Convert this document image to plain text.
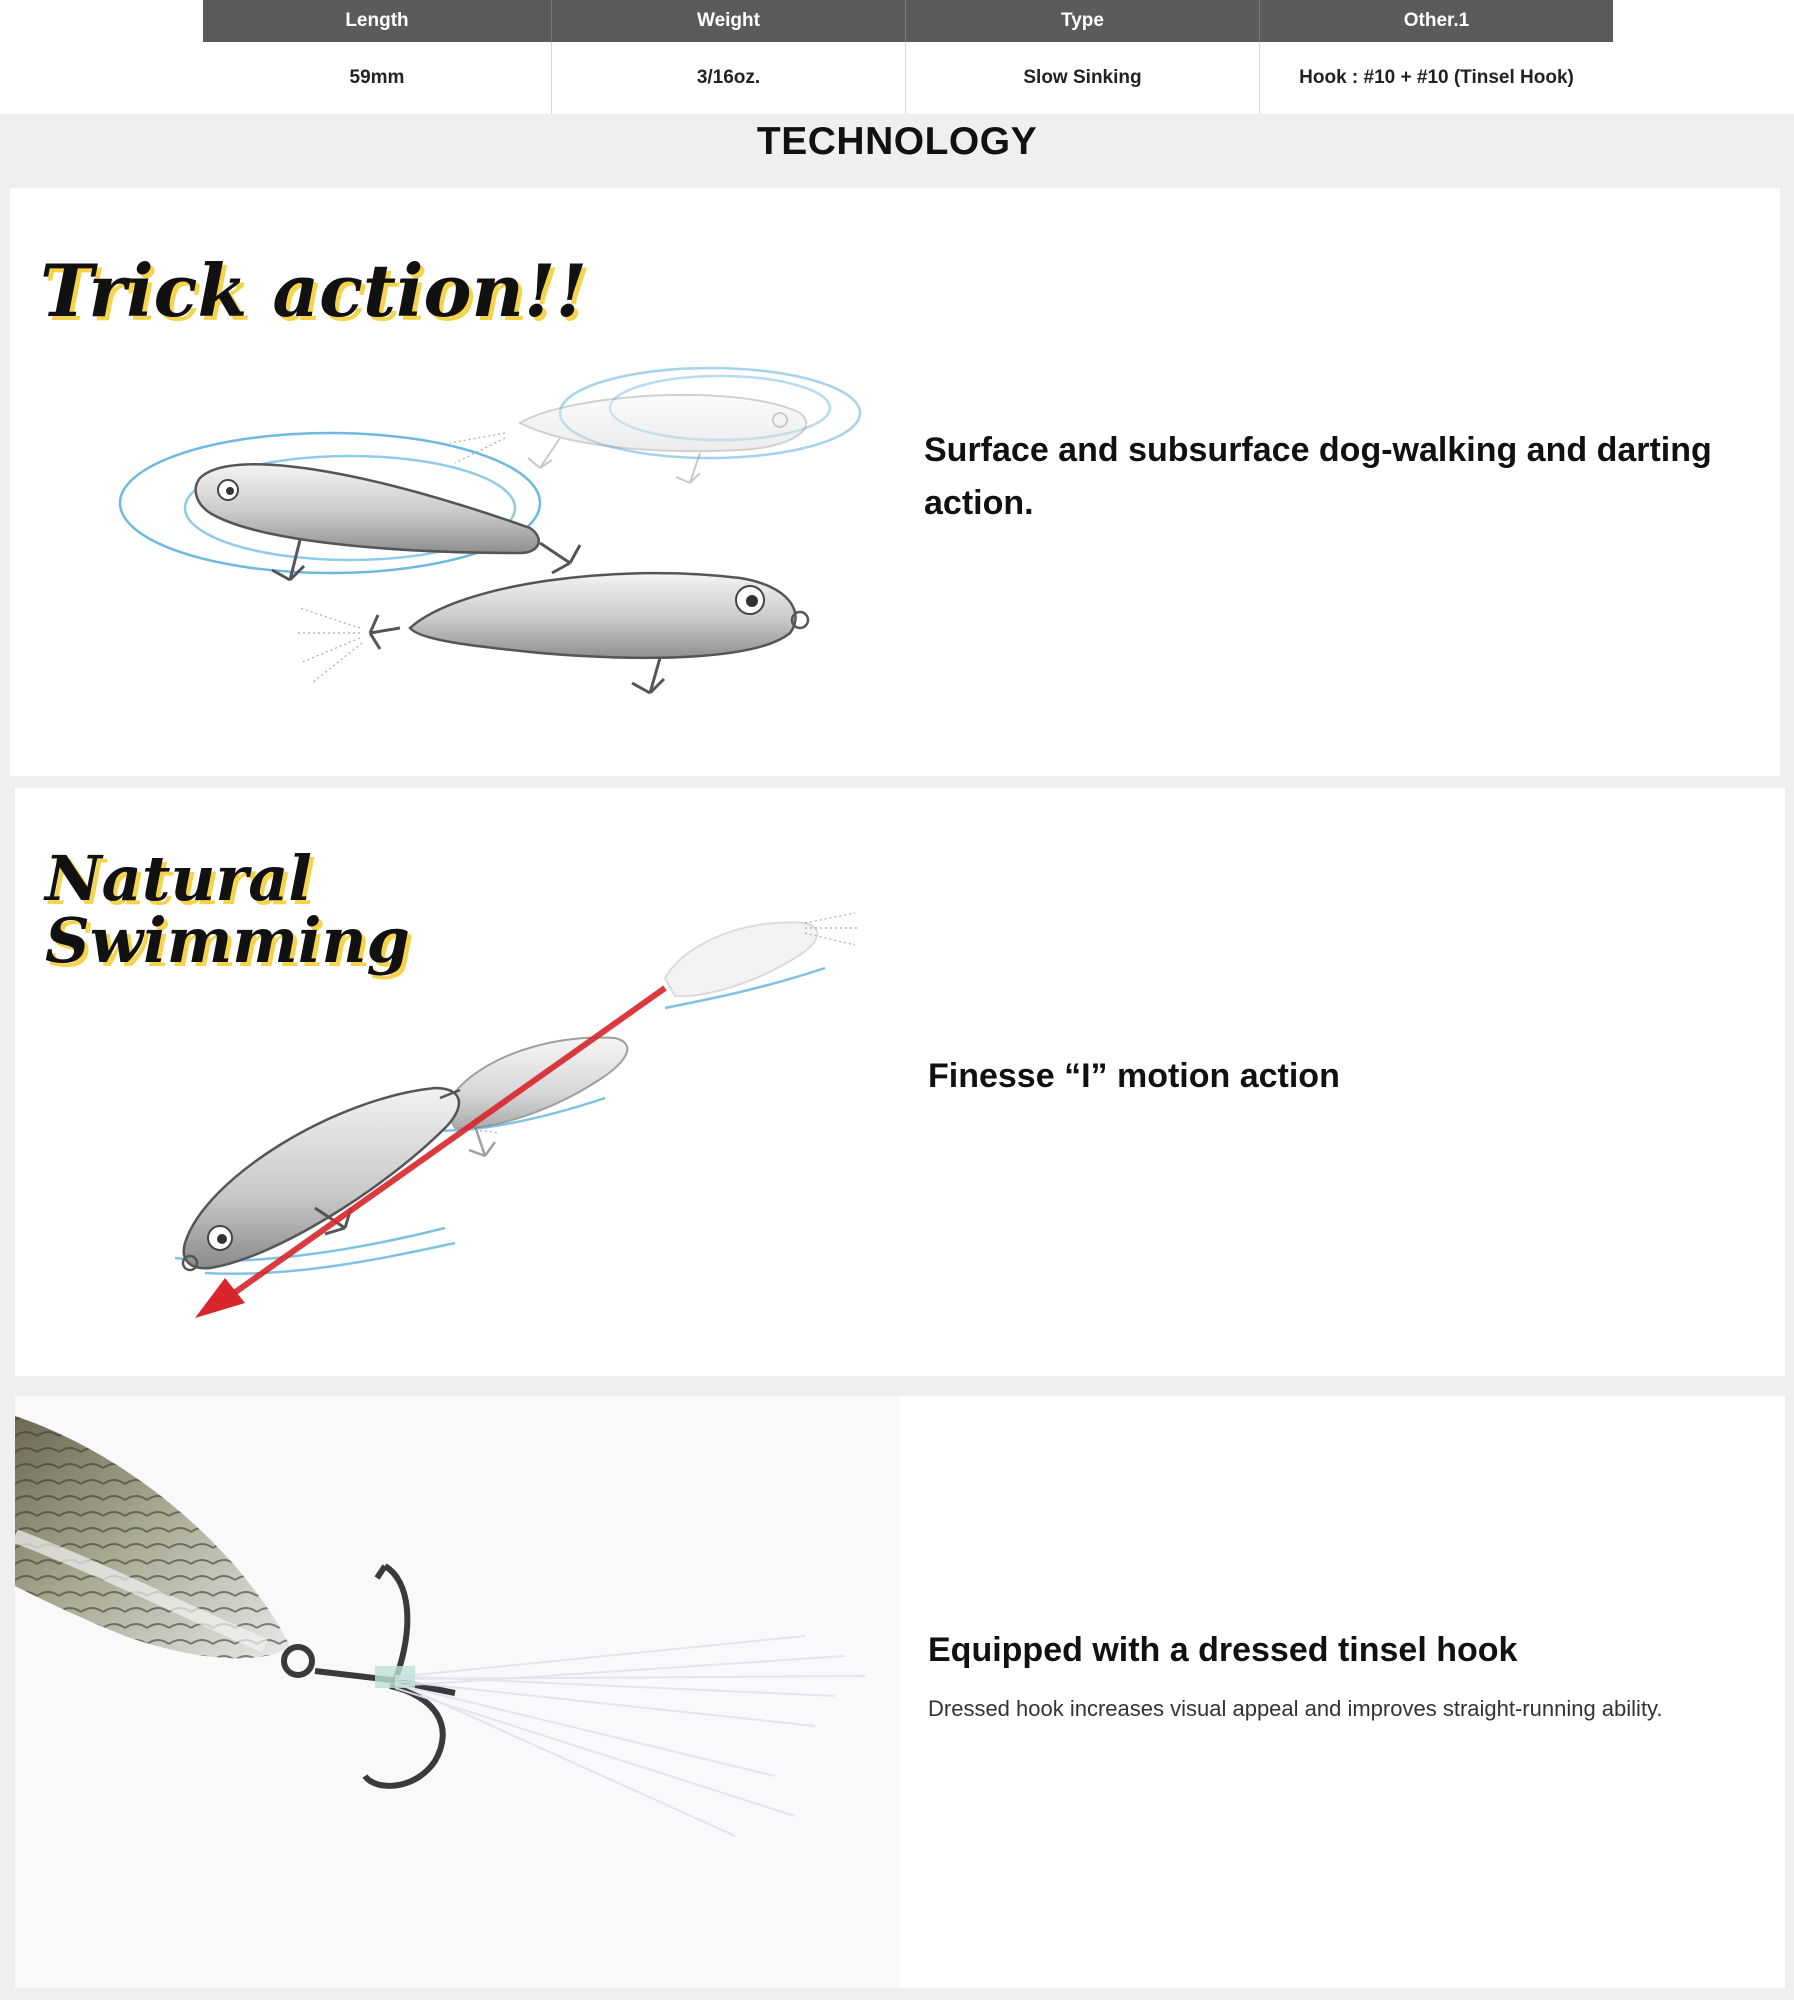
Length	Weight	Type	Other.1
59mm	3/16oz.	Slow Sinking	Hook : #10 + #10 (Tinsel Hook)
TECHNOLOGY
Trick action!!
Surface and subsurface dog-walking and darting action.
Natural
Swimming
Finesse “I” motion action
Equipped with a dressed tinsel hook
Dressed hook increases visual appeal and improves straight-running ability.
